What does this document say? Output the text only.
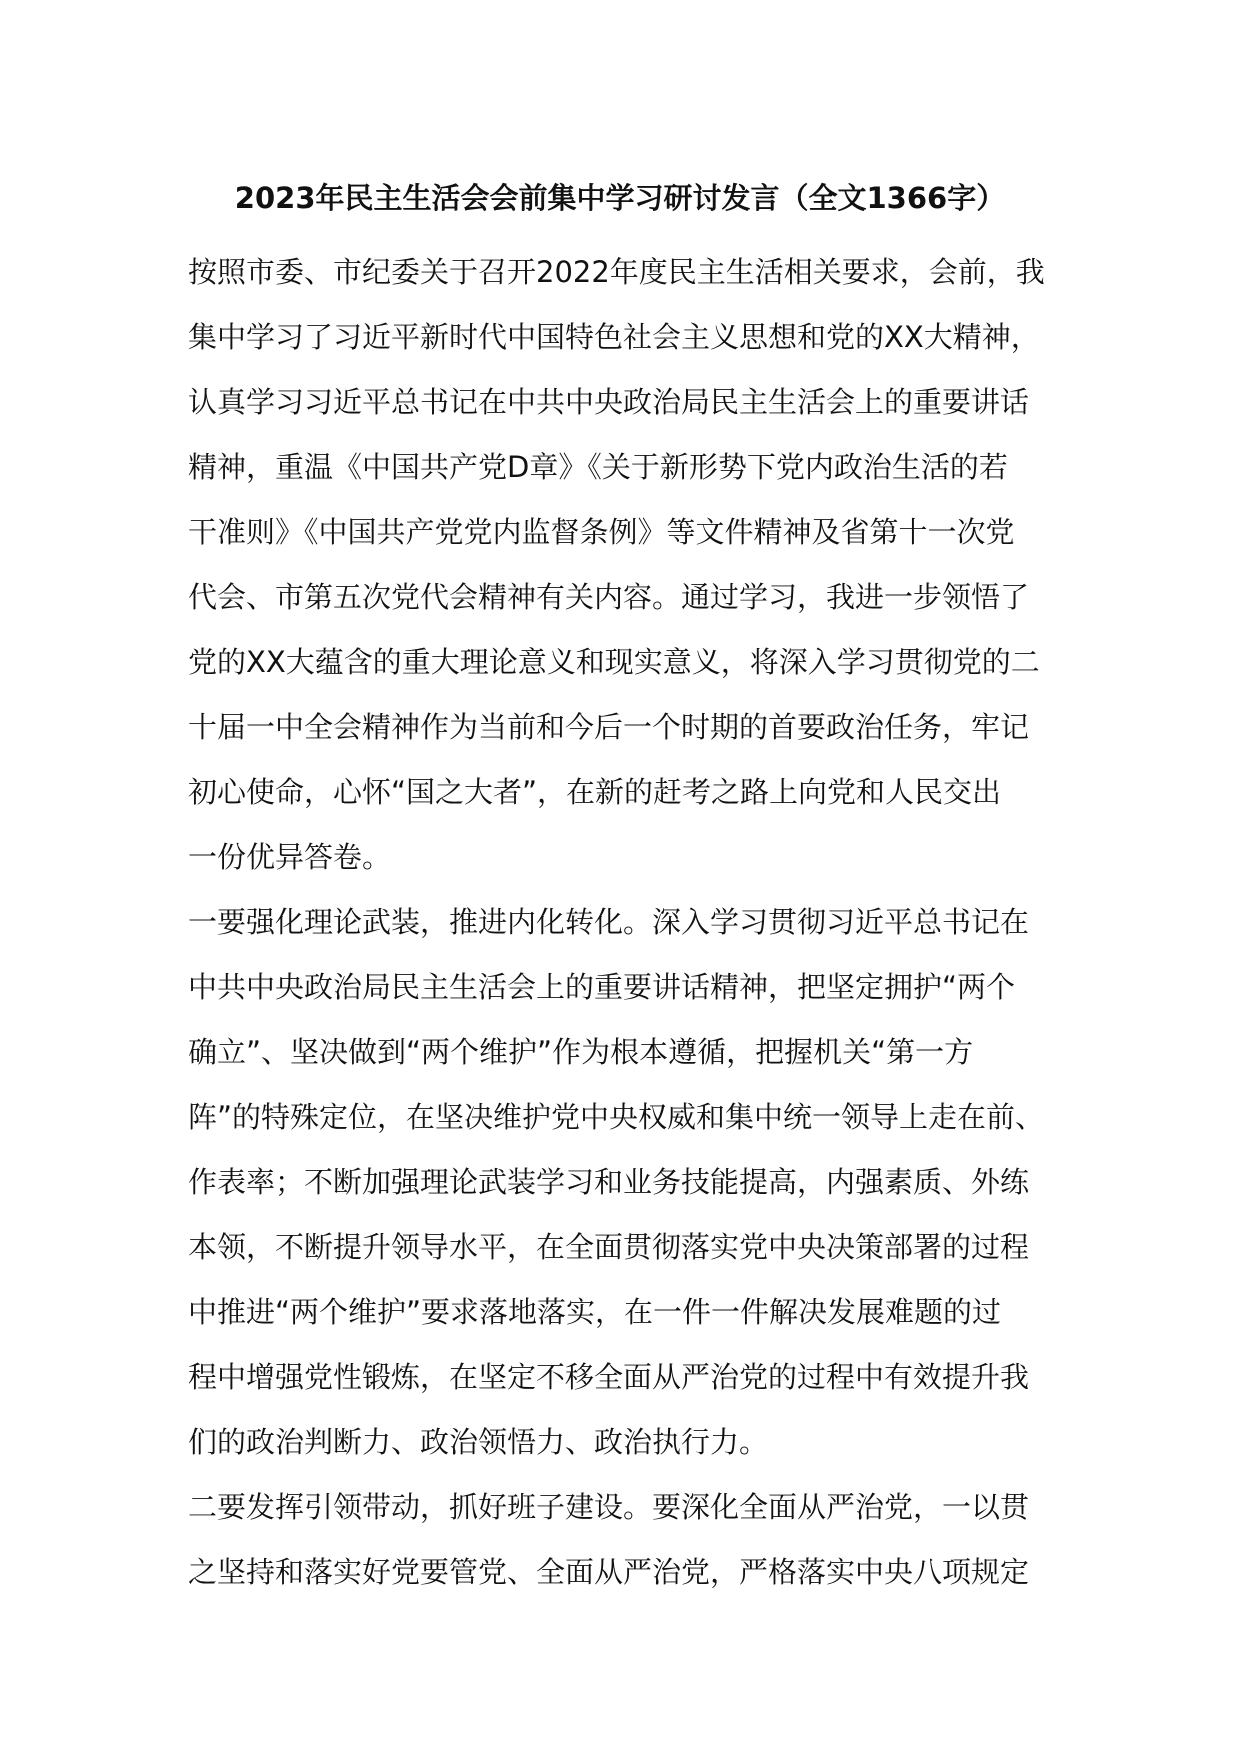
2023年民主生活会会前集中学习研讨发言（全文1366字）
按照市委、市纪委关于召开2022年度民主生活相关要求，会前，我
集中学习了习近平新时代中国特色社会主义思想和党的XX大精神，
认真学习习近平总书记在中共中央政治局民主生活会上的重要讲话
精神，重温《中国共产党D章》《关于新形势下党内政治生活的若
干准则》《中国共产党党内监督条例》等文件精神及省第十一次党
代会、市第五次党代会精神有关内容。通过学习，我进一步领悟了
党的XX大蕴含的重大理论意义和现实意义，将深入学习贯彻党的二
十届一中全会精神作为当前和今后一个时期的首要政治任务，牢记
初心使命，心怀“国之大者”，在新的赶考之路上向党和人民交出
一份优异答卷。
一要强化理论武装，推进内化转化。深入学习贯彻习近平总书记在
中共中央政治局民主生活会上的重要讲话精神，把坚定拥护“两个
确立”、坚决做到“两个维护”作为根本遵循，把握机关“第一方
阵”的特殊定位，在坚决维护党中央权威和集中统一领导上走在前、
作表率；不断加强理论武装学习和业务技能提高，内强素质、外练
本领，不断提升领导水平，在全面贯彻落实党中央决策部署的过程
中推进“两个维护”要求落地落实，在一件一件解决发展难题的过
程中增强党性锻炼，在坚定不移全面从严治党的过程中有效提升我
们的政治判断力、政治领悟力、政治执行力。
二要发挥引领带动，抓好班子建设。要深化全面从严治党，一以贯
之坚持和落实好党要管党、全面从严治党，严格落实中央八项规定
